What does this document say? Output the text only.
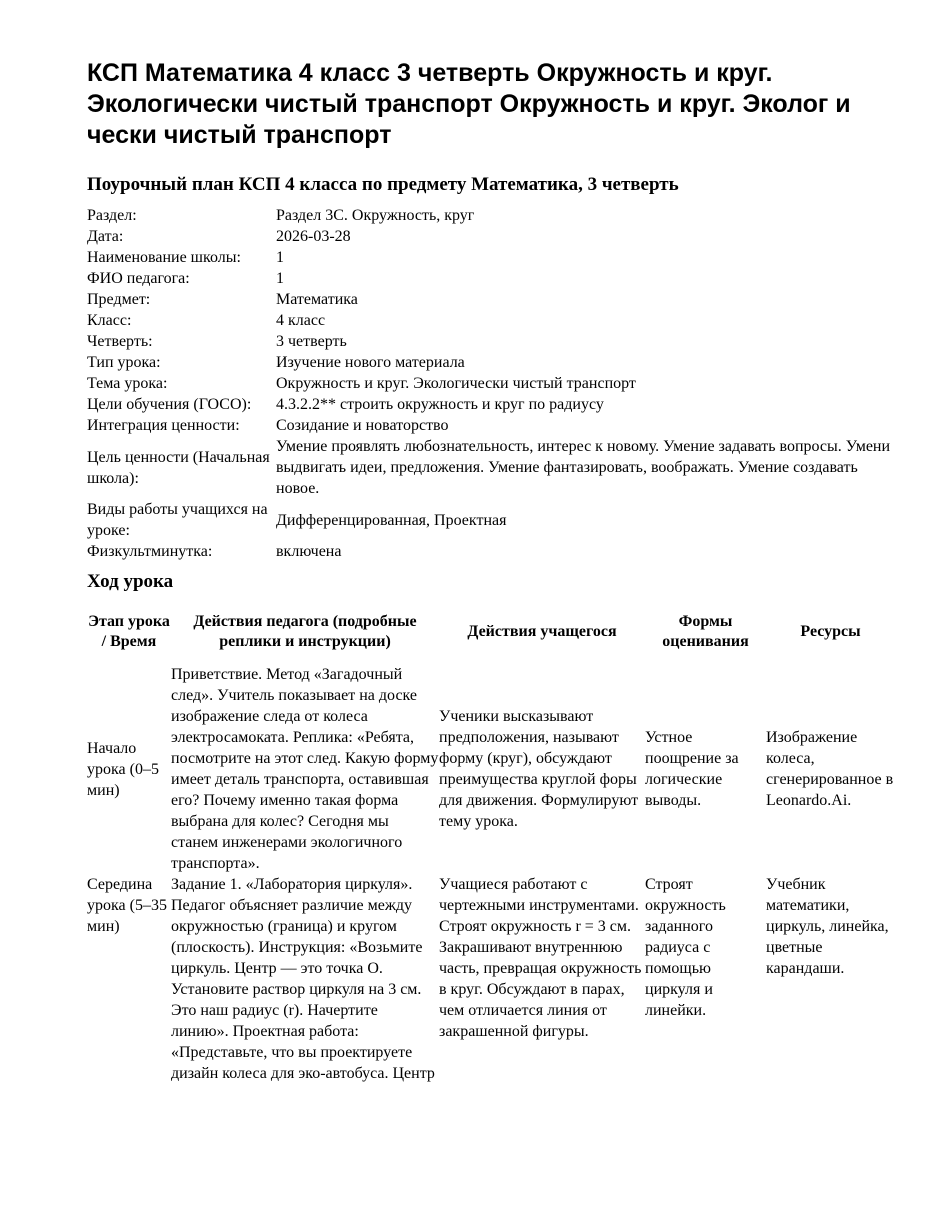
КСП Математика 4 класс 3 четверть Окружность и круг. Экологически чистый транспорт Окружность и круг. Эколог и чески чистый транспорт
Поурочный план КСП 4 класса по предмету Математика, 3 четверть
Раздел:	Раздел 3С. Окружность, круг
Дата:	2026-03-28
Наименование школы:	1
ФИО педагога:	1
Предмет:	Математика
Класс:	4 класс
Четверть:	3 четверть
Тип урока:	Изучение нового материала
Тема урока:	Окружность и круг. Экологически чистый транспорт
Цели обучения (ГОСО):	4.3.2.2** строить окружность и круг по радиусу
Интеграция ценности:	Созидание и новаторство
Цель ценности (Начальная школа):	Умение проявлять любознательность, интерес к новому. Умение задавать вопросы. Умени выдвигать идеи, предложения. Умение фантазировать, воображать. Умение создавать новое.
Виды работы учащихся на уроке:	Дифференцированная, Проектная
Физкультминутка:	включена
Ход урока
Этап урока / Время	Действия педагога (подробные реплики и инструкции)	Действия учащегося	Формы оценивания	Ресурсы
Начало урока (0–5 мин)	Приветствие. Метод «Загадочный след». Учитель показывает на доске изображение следа от колеса электросамоката. Реплика: «Ребята, посмотрите на этот след. Какую форму имеет деталь транспорта, оставившая его? Почему именно такая форма выбрана для колес? Сегодня мы станем инженерами экологичного транспорта».	Ученики высказывают предположения, называют форму (круг), обсуждают преимущества круглой форы для движения. Формулируют тему урока.	Устное поощрение за логические выводы.	Изображение колеса, сгенерированное в Leonardo.Ai.
Середина урока (5–35 мин)	Задание 1. «Лаборатория циркуля». Педагог объясняет различие между окружностью (граница) и кругом (плоскость). Инструкция: «Возьмите циркуль. Центр — это точка О. Установите раствор циркуля на 3 см. Это наш радиус (r). Начертите линию». Проектная работа: «Представьте, что вы проектируете дизайн колеса для эко-автобуса. Центр	Учащиеся работают с чертежными инструментами. Строят окружность r = 3 см. Закрашивают внутреннюю часть, превращая окружность в круг. Обсуждают в парах, чем отличается линия от закрашенной фигуры.	Строят окружность заданного радиуса с помощью циркуля и линейки.	Учебник математики, циркуль, линейка, цветные карандаши.
